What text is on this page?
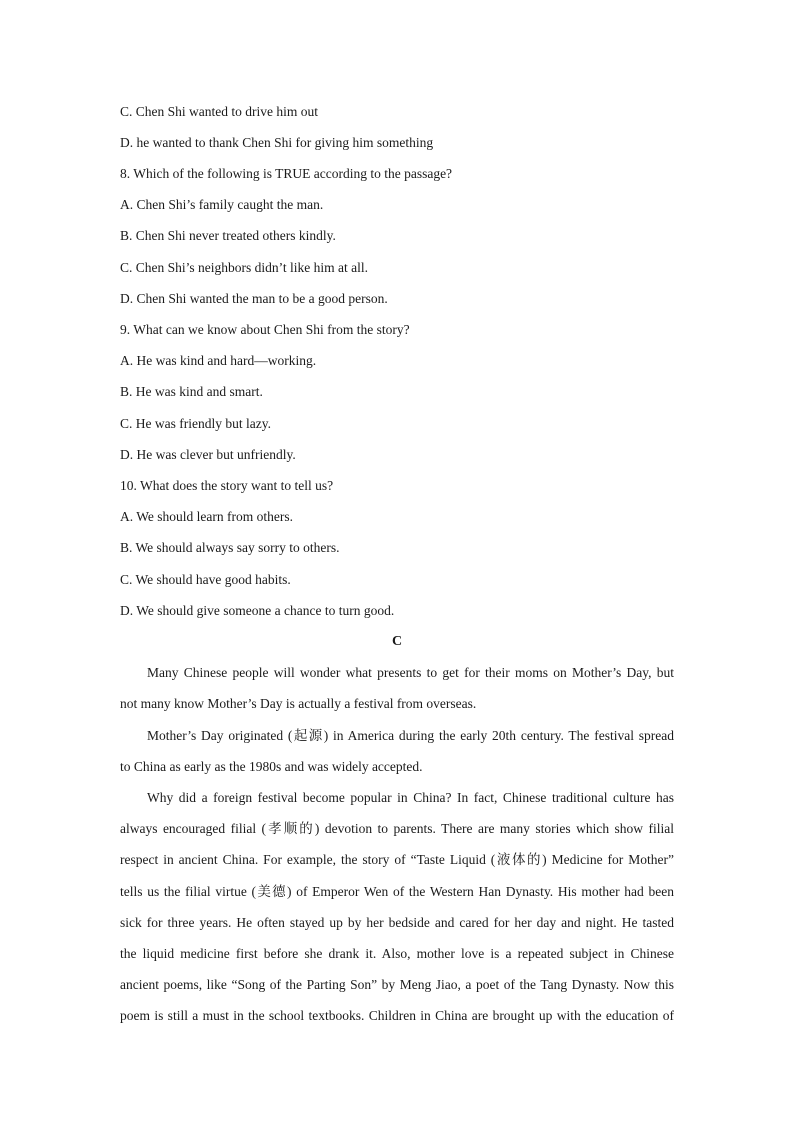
C. Chen Shi wanted to drive him out
D. he wanted to thank Chen Shi for giving him something
8. Which of the following is TRUE according to the passage?
A. Chen Shi’s family caught the man.
B. Chen Shi never treated others kindly.
C. Chen Shi’s neighbors didn’t like him at all.
D. Chen Shi wanted the man to be a good person.
9. What can we know about Chen Shi from the story?
A. He was kind and hard—working.
B. He was kind and smart.
C. He was friendly but lazy.
D. He was clever but unfriendly.
10. What does the story want to tell us?
A. We should learn from others.
B. We should always say sorry to others.
C. We should have good habits.
D. We should give someone a chance to turn good.
C
Many Chinese people will wonder what presents to get for their moms on Mother’s Day, but
not many know Mother’s Day is actually a festival from overseas.
Mother’s Day originated (起源) in America during the early 20th century. The festival spread
to China as early as the 1980s and was widely accepted.
Why did a foreign festival become popular in China? In fact, Chinese traditional culture has
always encouraged filial (孝顺的) devotion to parents. There are many stories which show filial
respect in ancient China. For example, the story of “Taste Liquid (液体的) Medicine for Mother”
tells us the filial virtue (美德) of Emperor Wen of the Western Han Dynasty. His mother had been
sick for three years. He often stayed up by her bedside and cared for her day and night. He tasted
the liquid medicine first before she drank it. Also, mother love is a repeated subject in Chinese
ancient poems, like “Song of the Parting Son” by Meng Jiao, a poet of the Tang Dynasty. Now this
poem is still a must in the school textbooks. Children in China are brought up with the education of
